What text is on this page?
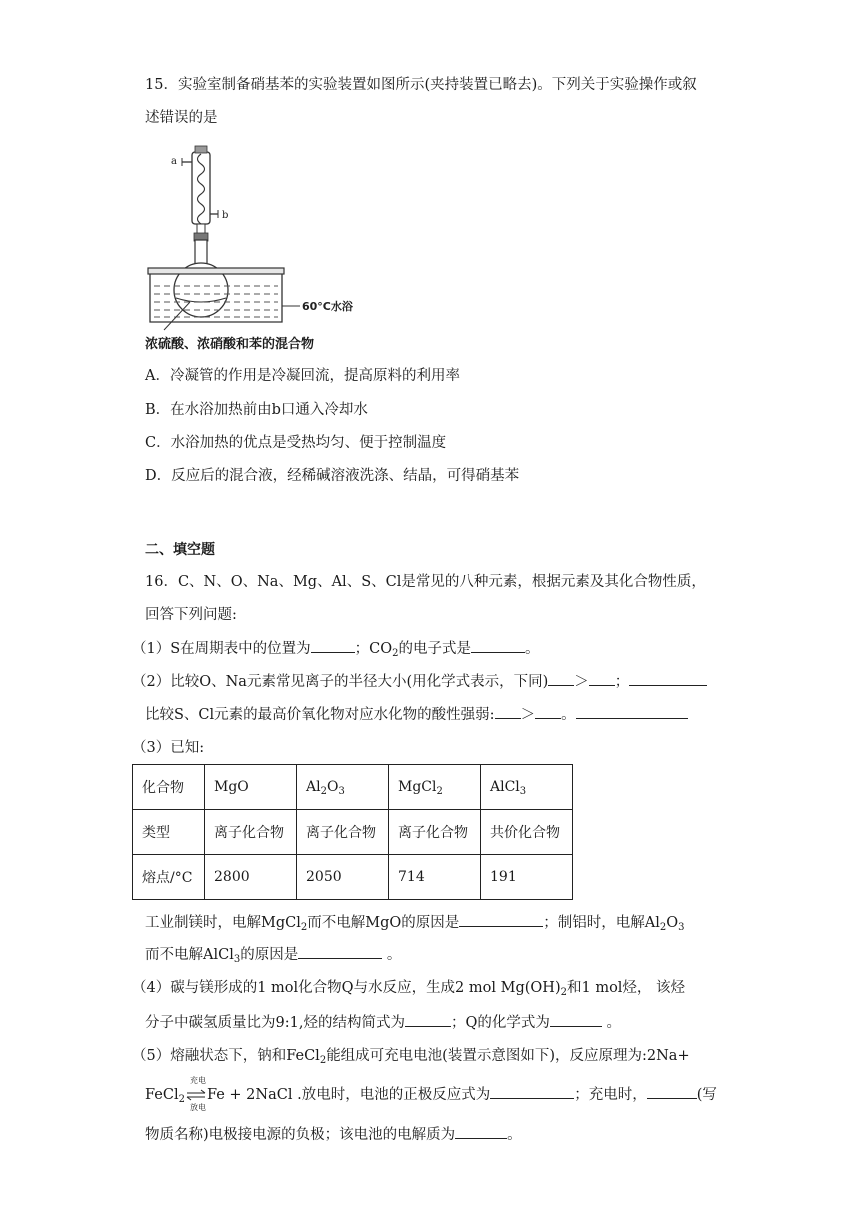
15．实验室制备硝基苯的实验装置如图所示(夹持装置已略去)。下列关于实验操作或叙
述错误的是
a
b
60°C水浴
浓硫酸、浓硝酸和苯的混合物
A．冷凝管的作用是冷凝回流，提高原料的利用率
B．在水浴加热前由b口通入冷却水
C．水浴加热的优点是受热均匀、便于控制温度
D．反应后的混合液，经稀碱溶液洗涤、结晶，可得硝基苯
二、填空题
16．C、N、O、Na、Mg、Al、S、Cl是常见的八种元素，根据元素及其化合物性质，
回答下列问题:
（1）S在周期表中的位置为	；$CO_2$的电子式是	。
（2）比较O、Na元素常见离子的半径大小(用化学式表示，下同) ＞ ；
比较S、Cl元素的最高价氧化物对应水化物的酸性强弱: ＞ 。
（3）已知:
化合物	MgO	$Al_2O_3$	MgCl$_2$	AlCl$_3$
类型	离子化合物	离子化合物	离子化合物	共价化合物
熔点/°C	2800	2050	714	191
工业制镁时，电解MgCl$_2$而不电解MgO的原因是	；制铝时，电解$Al_2O_3$
而不电解AlCl$_3$的原因是	。
（4）碳与镁形成的1 mol化合物Q与水反应，生成2 mol $Mg(OH)_2$和1 mol烃， 该烃
分子中碳氢质量比为9:1,烃的结构简式为	；Q的化学式为	。
（5）熔融状态下，钠和FeCl$_2$能组成可充电电池(装置示意图如下)，反应原理为:2Na+
FeCl$_2$
充电
放电
Fe + 2NaCl .放电时，电池的正极反应式为	；充电时，	(写
物质名称)电极接电源的负极；该电池的电解质为	。
